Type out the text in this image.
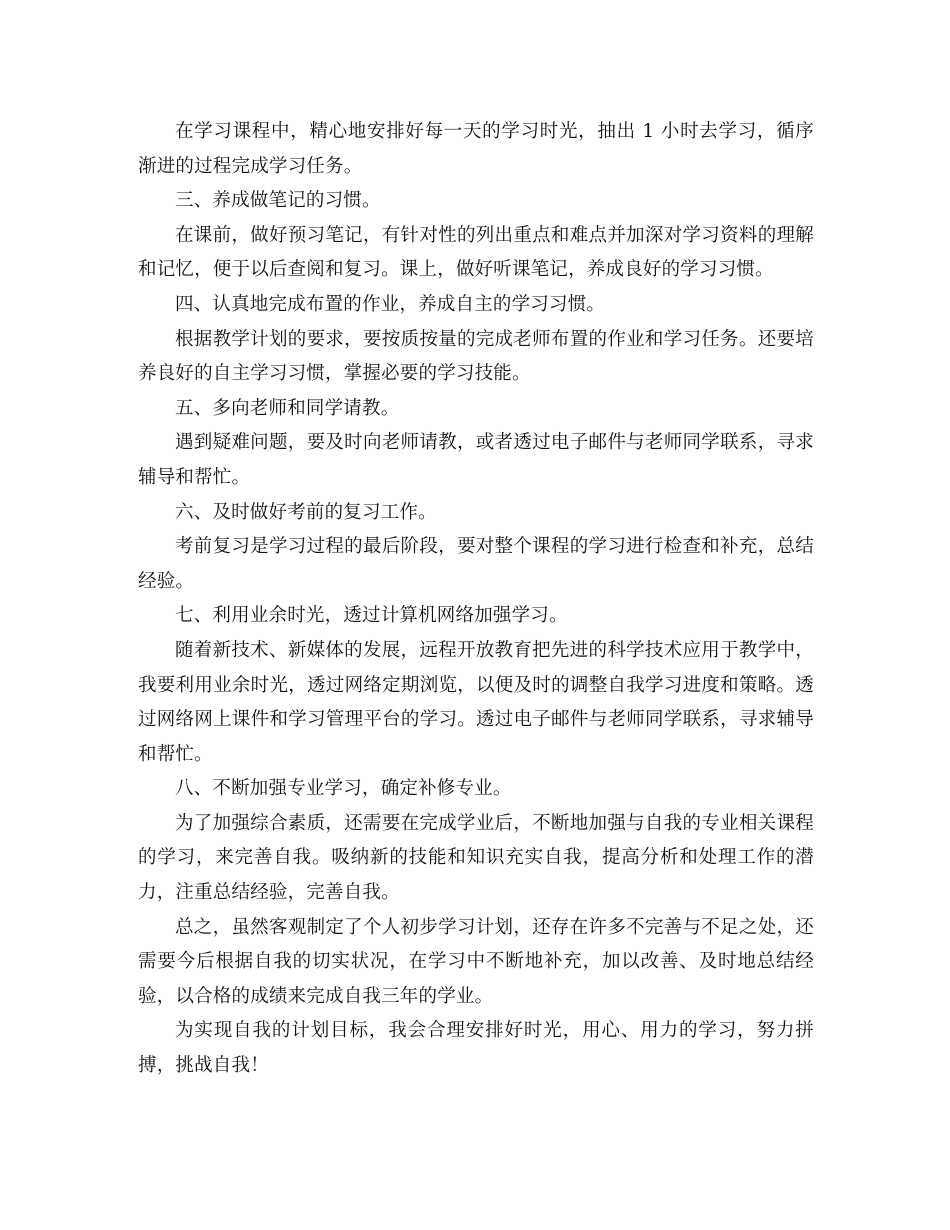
在学习课程中，精心地安排好每一天的学习时光，抽出 1 小时去学习，循序渐进的过程完成学习任务。

三、养成做笔记的习惯。

在课前，做好预习笔记，有针对性的列出重点和难点并加深对学习资料的理解和记忆，便于以后查阅和复习。课上，做好听课笔记，养成良好的学习习惯。

四、认真地完成布置的作业，养成自主的学习习惯。

根据教学计划的要求，要按质按量的完成老师布置的作业和学习任务。还要培养良好的自主学习习惯，掌握必要的学习技能。

五、多向老师和同学请教。

遇到疑难问题，要及时向老师请教，或者透过电子邮件与老师同学联系，寻求辅导和帮忙。

六、及时做好考前的复习工作。

考前复习是学习过程的最后阶段，要对整个课程的学习进行检查和补充，总结经验。

七、利用业余时光，透过计算机网络加强学习。

随着新技术、新媒体的发展，远程开放教育把先进的科学技术应用于教学中，我要利用业余时光，透过网络定期浏览，以便及时的调整自我学习进度和策略。透过网络网上课件和学习管理平台的学习。透过电子邮件与老师同学联系，寻求辅导和帮忙。

八、不断加强专业学习，确定补修专业。

为了加强综合素质，还需要在完成学业后，不断地加强与自我的专业相关课程的学习，来完善自我。吸纳新的技能和知识充实自我，提高分析和处理工作的潜力，注重总结经验，完善自我。

总之，虽然客观制定了个人初步学习计划，还存在许多不完善与不足之处，还需要今后根据自我的切实状况，在学习中不断地补充，加以改善、及时地总结经验，以合格的成绩来完成自我三年的学业。

为实现自我的计划目标，我会合理安排好时光，用心、用力的学习，努力拼搏，挑战自我！
